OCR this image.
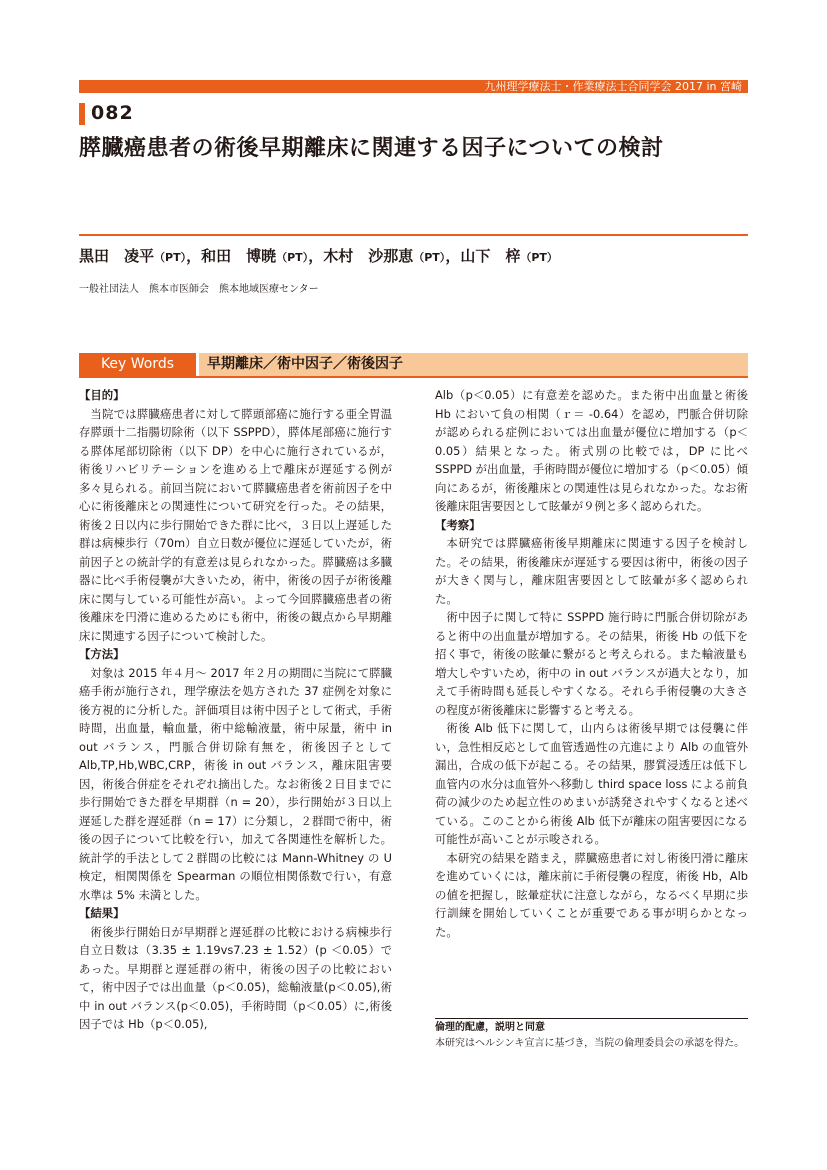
九州理学療法士・作業療法士合同学会 2017 in 宮崎
082
膵臓癌患者の術後早期離床に関連する因子についての検討
黒田　凌平（PT），和田　博暁（PT），木村　沙那恵（PT），山下　梓（PT）
一般社団法人　熊本市医師会　熊本地域医療センター
Key Words	早期離床／術中因子／術後因子
【目的】

当院では膵臓癌患者に対して膵頭部癌に施行する亜全胃温存膵頭十二指腸切除術（以下 SSPPD），膵体尾部癌に施行する膵体尾部切除術（以下 DP）を中心に施行されているが，術後リハビリテーションを進める上で離床が遅延する例が多々見られる。前回当院において膵臓癌患者を術前因子を中心に術後離床との関連性について研究を行った。その結果，術後２日以内に歩行開始できた群に比べ，３日以上遅延した群は病棟歩行（70m）自立日数が優位に遅延していたが，術前因子との統計学的有意差は見られなかった。膵臓癌は多臓器に比べ手術侵襲が大きいため，術中，術後の因子が術後離床に関与している可能性が高い。よって今回膵臓癌患者の術後離床を円滑に進めるためにも術中，術後の観点から早期離床に関連する因子について検討した。

【方法】

対象は 2015 年４月～ 2017 年２月の期間に当院にて膵臓癌手術が施行され，理学療法を処方された 37 症例を対象に後方視的に分析した。評価項目は術中因子として術式，手術時間，出血量，輸血量，術中総輸液量，術中尿量，術中 in out バランス，門脈合併切除有無を，術後因子として Alb,TP,Hb,WBC,CRP，術後 in out バランス，離床阻害要因，術後合併症をそれぞれ摘出した。なお術後２日目までに歩行開始できた群を早期群（n = 20），歩行開始が３日以上遅延した群を遅延群（n = 17）に分類し，２群間で術中，術後の因子について比較を行い，加えて各関連性を解析した。統計学的手法として２群間の比較には Mann-Whitney の U 検定，相関関係を Spearman の順位相関係数で行い，有意水準は 5% 未満とした。

【結果】

術後歩行開始日が早期群と遅延群の比較における病棟歩行自立日数は（3.35 ± 1.19vs7.23 ± 1.52）(p ＜0.05）であった。早期群と遅延群の術中，術後の因子の比較において，術中因子では出血量（p＜0.05)，総輸液量(p＜0.05),術中 in out バランス(p＜0.05)，手術時間（p＜0.05）に,術後因子では Hb（p＜0.05),

Alb（p＜0.05）に有意差を認めた。また術中出血量と術後 Hb において負の相関（ｒ＝ -0.64）を認め，門脈合併切除が認められる症例においては出血量が優位に増加する（p＜0.05）結果となった。術式別の比較では，DP に比べ SSPPD が出血量，手術時間が優位に増加する（p＜0.05）傾向にあるが，術後離床との関連性は見られなかった。なお術後離床阻害要因として眩暈が９例と多く認められた。

【考察】

本研究では膵臓癌術後早期離床に関連する因子を検討した。その結果，術後離床が遅延する要因は術中，術後の因子が大きく関与し，離床阻害要因として眩暈が多く認められた。

術中因子に関して特に SSPPD 施行時に門脈合併切除があると術中の出血量が増加する。その結果，術後 Hb の低下を招く事で，術後の眩暈に繋がると考えられる。また輸液量も増大しやすいため，術中の in out バランスが過大となり，加えて手術時間も延長しやすくなる。それら手術侵襲の大きさの程度が術後離床に影響すると考える。

術後 Alb 低下に関して，山内らは術後早期では侵襲に伴い，急性相反応として血管透過性の亢進により Alb の血管外漏出，合成の低下が起こる。その結果，膠質浸透圧は低下し血管内の水分は血管外へ移動し third space loss による前負荷の減少のため起立性のめまいが誘発されやすくなると述べている。このことから術後 Alb 低下が離床の阻害要因になる可能性が高いことが示唆される。

本研究の結果を踏まえ，膵臓癌患者に対し術後円滑に離床を進めていくには，離床前に手術侵襲の程度，術後 Hb，Alb の値を把握し，眩暈症状に注意しながら，なるべく早期に歩行訓練を開始していくことが重要である事が明らかとなった。

倫理的配慮，説明と同意
本研究はヘルシンキ宣言に基づき，当院の倫理委員会の承認を得た。
